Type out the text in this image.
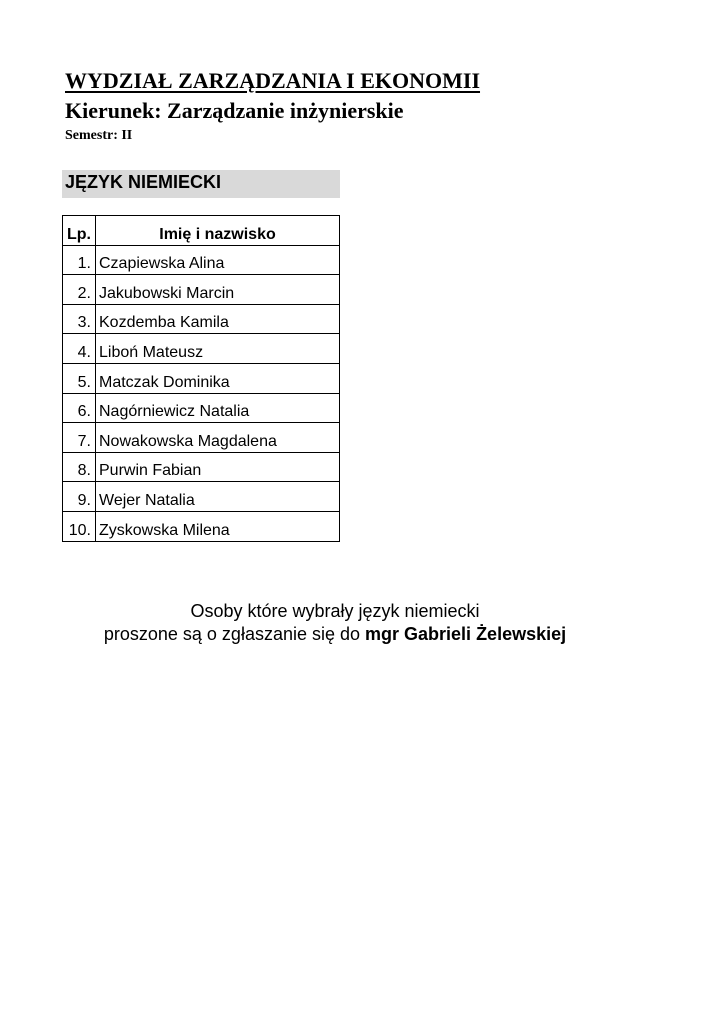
WYDZIAŁ ZARZĄDZANIA I EKONOMII
Kierunek: Zarządzanie inżynierskie
Semestr: II
JĘZYK NIEMIECKI
Lp.	Imię i nazwisko
1.	Czapiewska Alina
2.	Jakubowski Marcin
3.	Kozdemba Kamila
4.	Liboń Mateusz
5.	Matczak Dominika
6.	Nagórniewicz Natalia
7.	Nowakowska Magdalena
8.	Purwin Fabian
9.	Wejer Natalia
10.	Zyskowska Milena
Osoby które wybrały język niemiecki
proszone są o zgłaszanie się do mgr Gabrieli Żelewskiej
